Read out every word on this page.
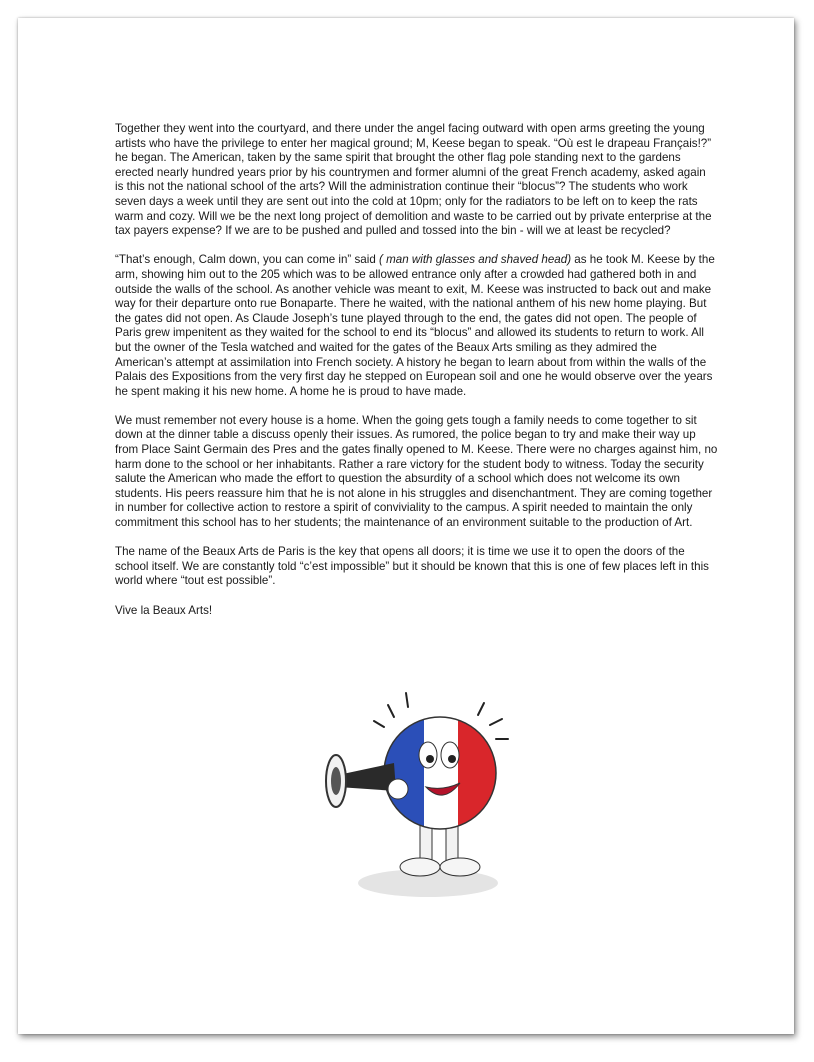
Together they went into the courtyard, and there under the angel facing outward with open arms greeting the young
artists who have the privilege to enter her magical ground; M, Keese began to speak. “Où est le drapeau Français!?”
he began. The American, taken by the same spirit that brought the other flag pole standing next to the gardens
erected nearly hundred years prior by his countrymen and former alumni of the great French academy, asked again
is this not the national school of the arts? Will the administration continue their “blocus”? The students who work
seven days a week until they are sent out into the cold at 10pm; only for the radiators to be left on to keep the rats
warm and cozy. Will we be the next long project of demolition and waste to be carried out by private enterprise at the
tax payers expense? If we are to be pushed and pulled and tossed into the bin - will we at least be recycled?
“That’s enough, Calm down, you can come in” said ( man with glasses and shaved head) as he took M. Keese by the
arm, showing him out to the 205 which was to be allowed entrance only after a crowded had gathered both in and
outside the walls of the school. As another vehicle was meant to exit, M. Keese was instructed to back out and make
way for their departure onto rue Bonaparte. There he waited, with the national anthem of his new home playing. But
the gates did not open. As Claude Joseph’s tune played through to the end, the gates did not open. The people of
Paris grew impenitent as they waited for the school to end its “blocus” and allowed its students to return to work. All
but the owner of the Tesla watched and waited for the gates of the Beaux Arts smiling as they admired the
American’s attempt at assimilation into French society. A history he began to learn about from within the walls of the
Palais des Expositions from the very first day he stepped on European soil and one he would observe over the years
he spent making it his new home. A home he is proud to have made.
We must remember not every house is a home. When the going gets tough a family needs to come together to sit
down at the dinner table a discuss openly their issues. As rumored, the police began to try and make their way up
from Place Saint Germain des Pres and the gates finally opened to M. Keese. There were no charges against him, no
harm done to the school or her inhabitants. Rather a rare victory for the student body to witness. Today the security
salute the American who made the effort to question the absurdity of a school which does not welcome its own
students. His peers reassure him that he is not alone in his struggles and disenchantment. They are coming together
in number for collective action to restore a spirit of conviviality to the campus. A spirit needed to maintain the only
commitment this school has to her students; the maintenance of an environment suitable to the production of Art.
The name of the Beaux Arts de Paris is the key that opens all doors; it is time we use it to open the doors of the
school itself. We are constantly told “c’est impossible” but it should be known that this is one of few places left in this
world where “tout est possible”.
Vive la Beaux Arts!
